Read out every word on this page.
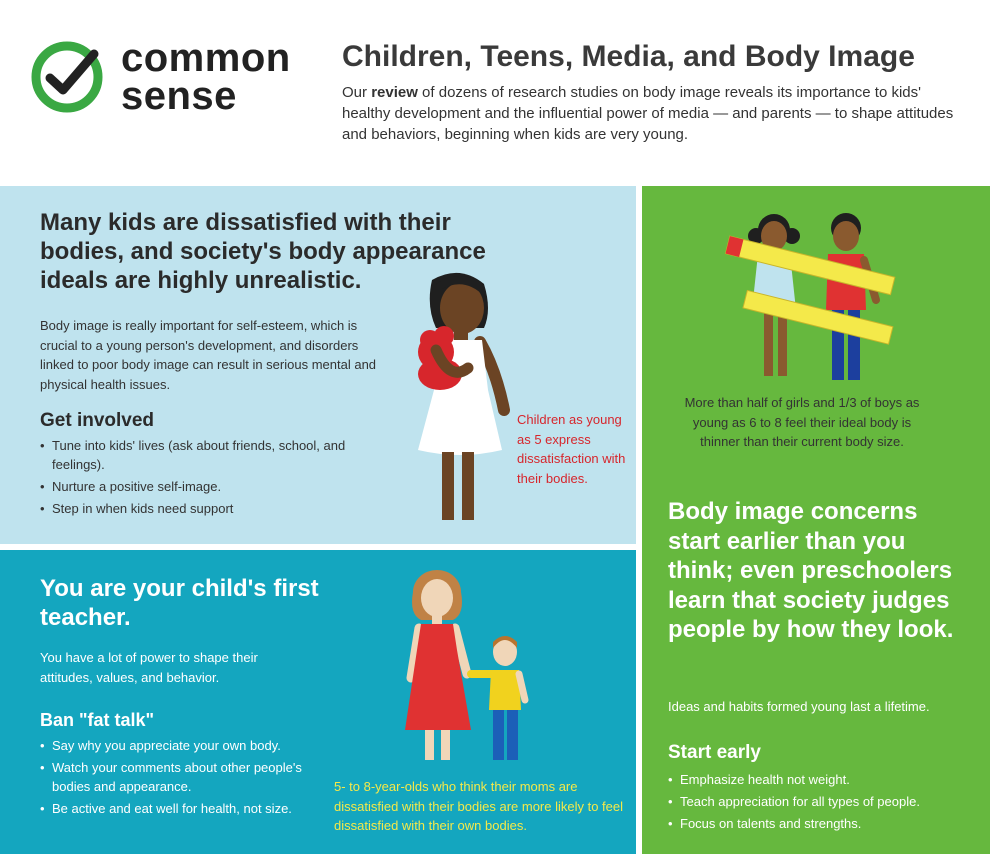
common
sense
Children, Teens, Media, and Body Image
Our review of dozens of research studies on body image reveals its importance to kids' healthy development and the influential power of media — and parents — to shape attitudes and behaviors, beginning when kids are very young.
Many kids are dissatisfied with their bodies, and society's body appearance ideals are highly unrealistic.
Body image is really important for self-esteem, which is crucial to a young person's development, and disorders linked to poor body image can result in serious mental and physical health issues.
Get involved
• Tune into kids' lives (ask about friends, school, and feelings).
• Nurture a positive self-image.
• Step in when kids need support
Children as young as 5 express dissatisfaction with their bodies.
You are your child's first teacher.
You have a lot of power to shape their attitudes, values, and behavior.
Ban "fat talk"
• Say why you appreciate your own body.
• Watch your comments about other people's bodies and appearance.
• Be active and eat well for health, not size.
5- to 8-year-olds who think their moms are dissatisfied with their bodies are more likely to feel dissatisfied with their own bodies.
More than half of girls and 1/3 of boys as young as 6 to 8 feel their ideal body is thinner than their current body size.
Body image concerns start earlier than you think; even preschoolers learn that society judges people by how they look.
Ideas and habits formed young last a lifetime.
Start early
• Emphasize health not weight.
• Teach appreciation for all types of people.
• Focus on talents and strengths.
